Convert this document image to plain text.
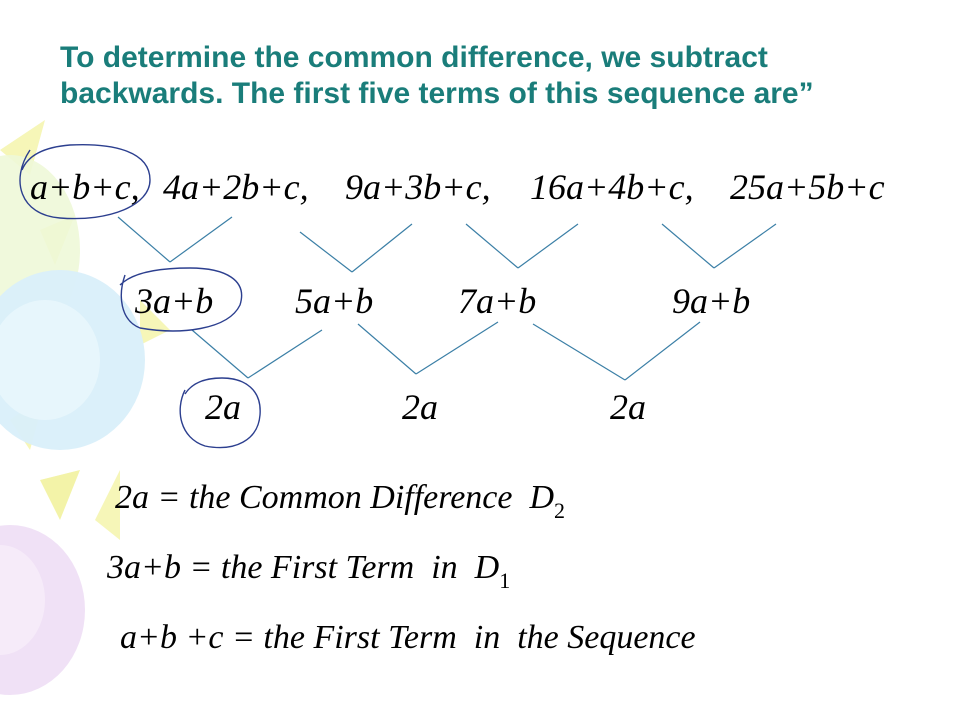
To determine the common difference, we subtract backwards. The first five terms of this sequence are”
a+b+c, 4a+2b+c, 9a+3b+c, 16a+4b+c, 25a+5b+c
3a+b 5a+b 7a+b	9a+b
2a	2a	2a
2a = the Common Difference  $D_2$
3a+b = the First Term  in  $D_1$
a+b +c = the First Term  in  the Sequence
